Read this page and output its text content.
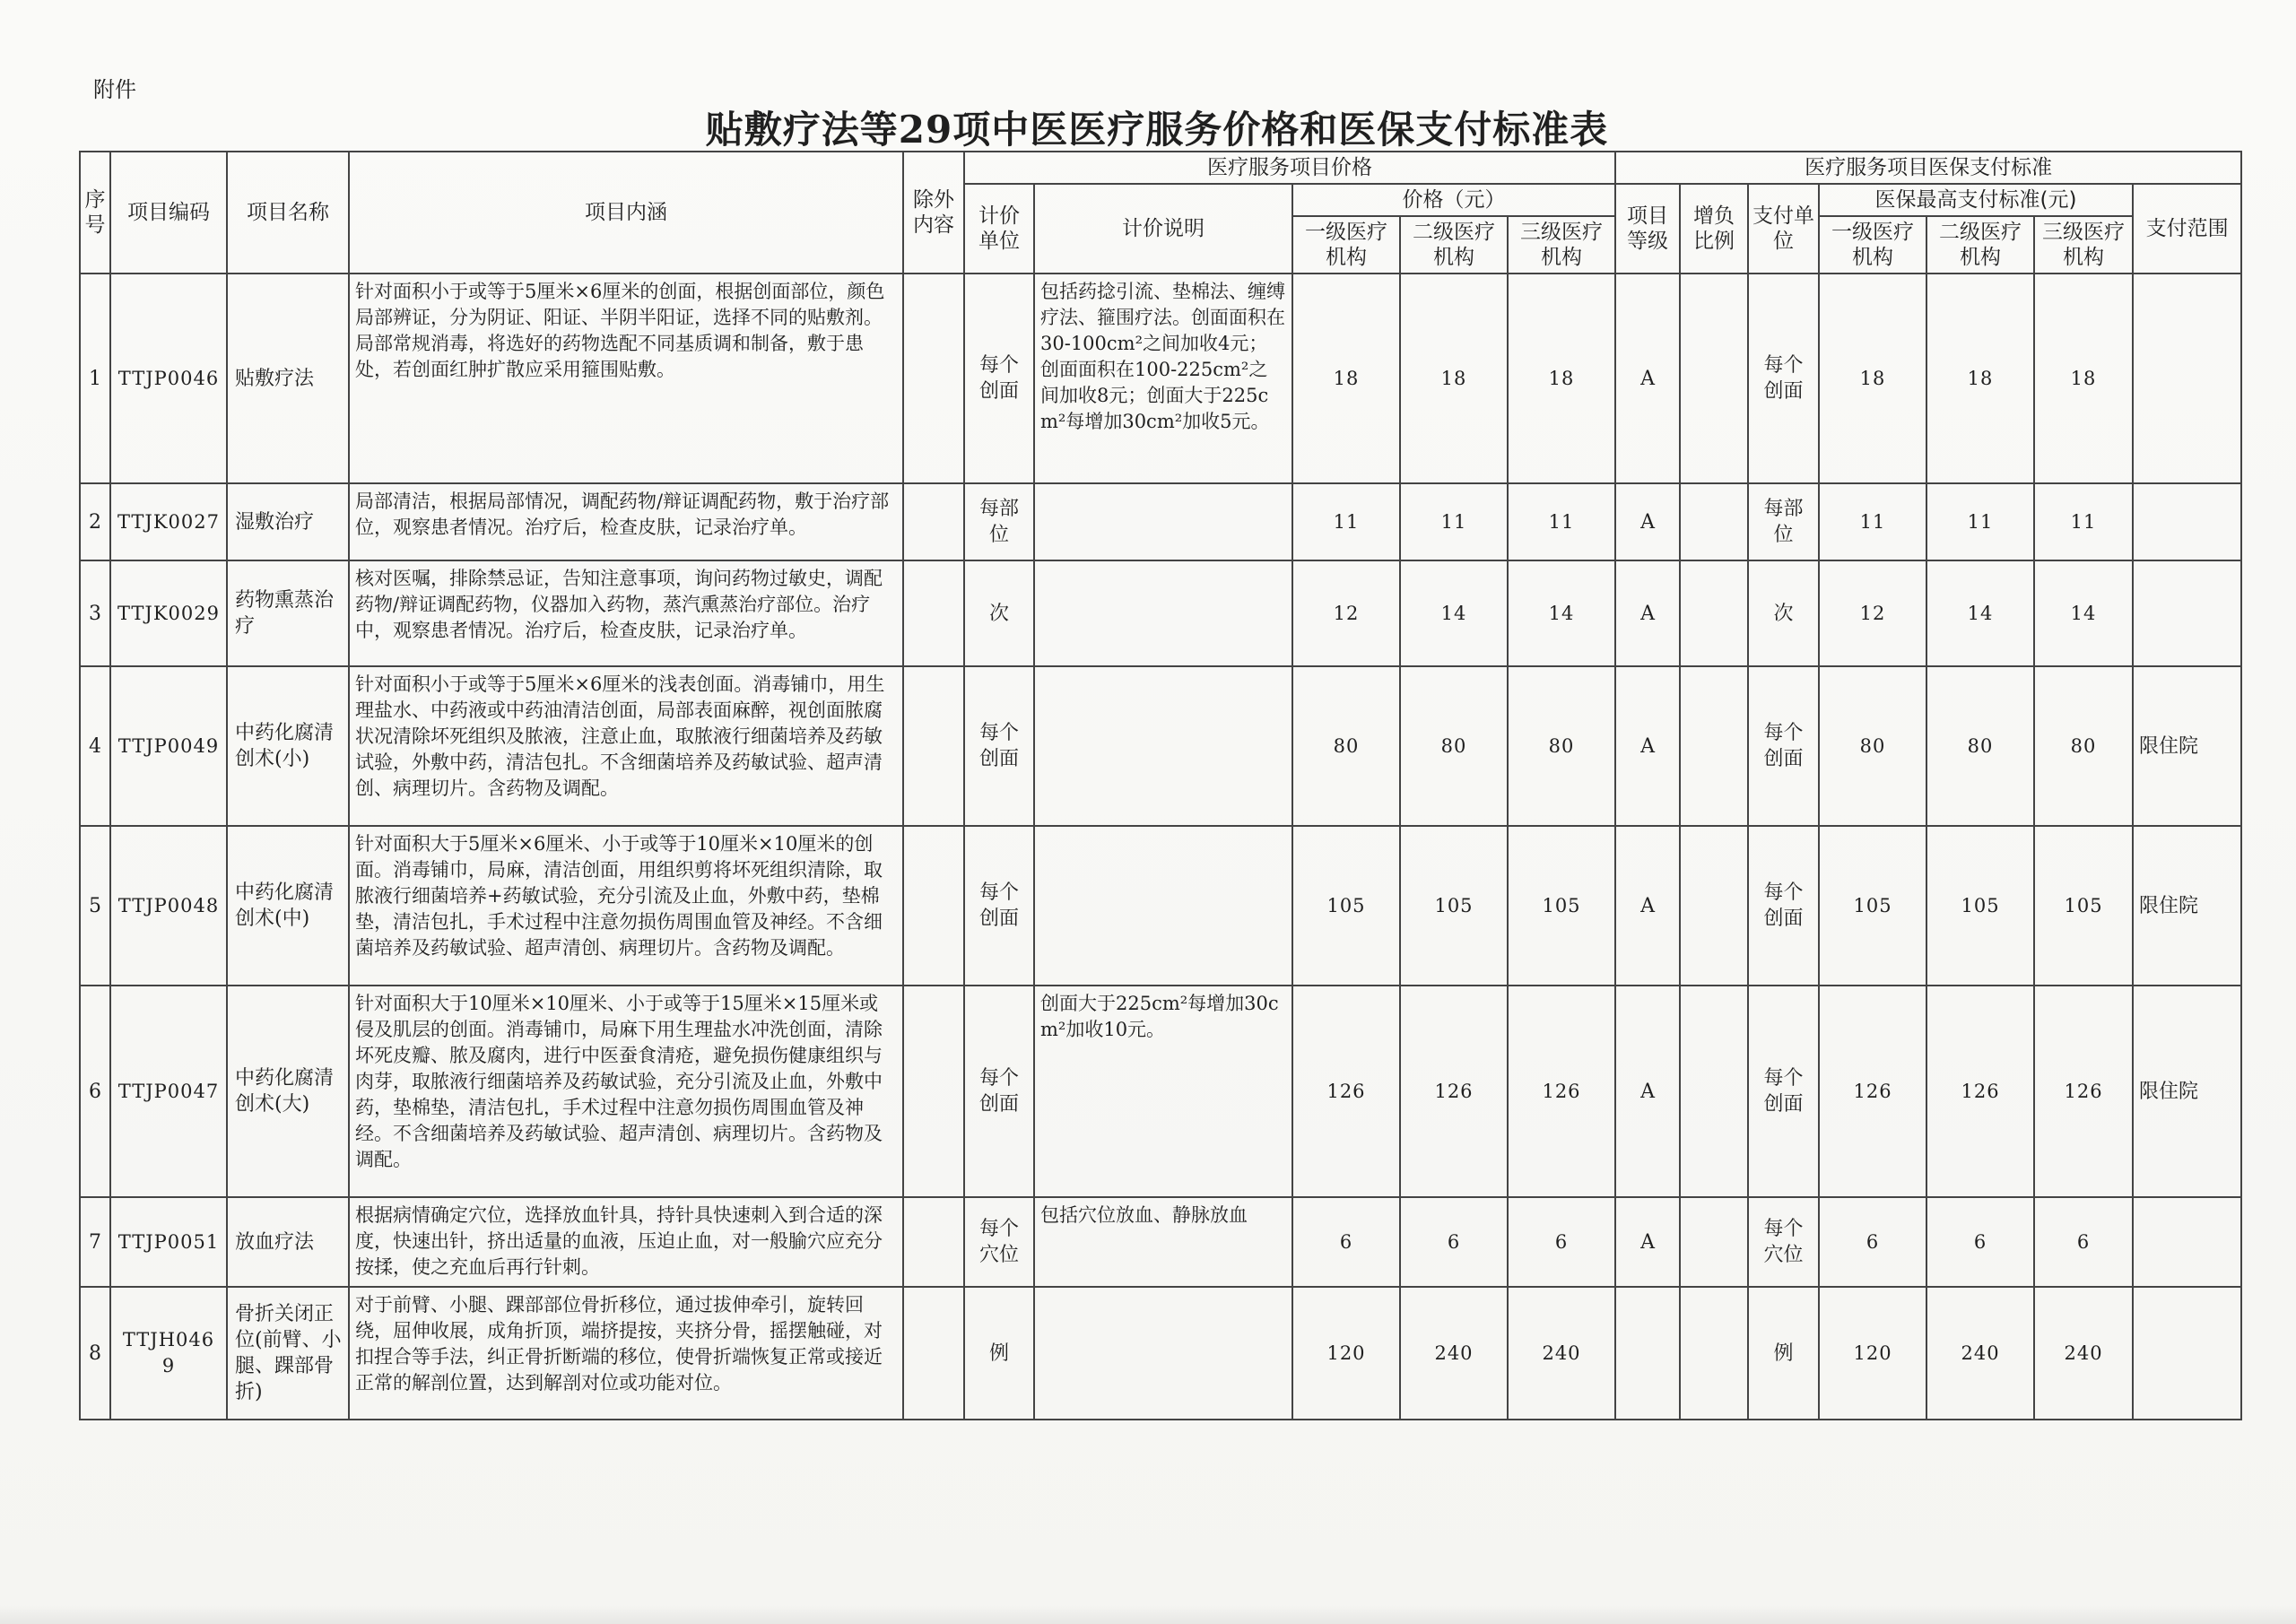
附件
贴敷疗法等29项中医医疗服务价格和医保支付标准表
序号	项目编码	项目名称	项目内涵	除外内容	医疗服务项目价格					医疗服务项目医保支付标准						
					计价单位	计价说明	价格（元）			项目等级	增负比例	支付单位	医保最高支付标准(元)			支付范围
							一级医疗机构	二级医疗机构	三级医疗机构				一级医疗机构	二级医疗机构	三级医疗机构	
1	TTJP0046	贴敷疗法	针对面积小于或等于5厘米×6厘米的创面，根据创面部位，颜色局部辨证，分为阴证、阳证、半阴半阳证，选择不同的贴敷剂。局部常规消毒，将选好的药物选配不同基质调和制备，敷于患处，若创面红肿扩散应采用箍围贴敷。		每个创面	包括药捻引流、垫棉法、缠缚疗法、箍围疗法。创面面积在30-100cm²之间加收4元；创面面积在100-225cm²之间加收8元；创面大于225cm²每增加30cm²加收5元。	18	18	18	A		每个创面	18	18	18	
2	TTJK0027	湿敷治疗	局部清洁，根据局部情况，调配药物/辩证调配药物，敷于治疗部位，观察患者情况。治疗后，检查皮肤，记录治疗单。		每部位		11	11	11	A		每部位	11	11	11	
3	TTJK0029	药物熏蒸治疗	核对医嘱，排除禁忌证，告知注意事项，询问药物过敏史，调配药物/辩证调配药物，仪器加入药物，蒸汽熏蒸治疗部位。治疗中，观察患者情况。治疗后，检查皮肤，记录治疗单。		次		12	14	14	A		次	12	14	14	
4	TTJP0049	中药化腐清创术(小)	针对面积小于或等于5厘米×6厘米的浅表创面。消毒铺巾，用生理盐水、中药液或中药油清洁创面，局部表面麻醉，视创面脓腐状况清除坏死组织及脓液，注意止血，取脓液行细菌培养及药敏试验，外敷中药，清洁包扎。不含细菌培养及药敏试验、超声清创、病理切片。含药物及调配。		每个创面		80	80	80	A		每个创面	80	80	80	限住院
5	TTJP0048	中药化腐清创术(中)	针对面积大于5厘米×6厘米、小于或等于10厘米×10厘米的创面。消毒铺巾，局麻，清洁创面，用组织剪将坏死组织清除，取脓液行细菌培养+药敏试验，充分引流及止血，外敷中药，垫棉垫，清洁包扎，手术过程中注意勿损伤周围血管及神经。不含细菌培养及药敏试验、超声清创、病理切片。含药物及调配。		每个创面		105	105	105	A		每个创面	105	105	105	限住院
6	TTJP0047	中药化腐清创术(大)	针对面积大于10厘米×10厘米、小于或等于15厘米×15厘米或侵及肌层的创面。消毒铺巾，局麻下用生理盐水冲洗创面，清除坏死皮瓣、脓及腐肉，进行中医蚕食清疮，避免损伤健康组织与肉芽，取脓液行细菌培养及药敏试验，充分引流及止血，外敷中药，垫棉垫，清洁包扎，手术过程中注意勿损伤周围血管及神经。不含细菌培养及药敏试验、超声清创、病理切片。含药物及调配。		每个创面	创面大于225cm²每增加30cm²加收10元。	126	126	126	A		每个创面	126	126	126	限住院
7	TTJP0051	放血疗法	根据病情确定穴位，选择放血针具，持针具快速刺入到合适的深度，快速出针，挤出适量的血液，压迫止血，对一般腧穴应充分按揉，使之充血后再行针刺。		每个穴位	包括穴位放血、静脉放血	6	6	6	A		每个穴位	6	6	6	
8	TTJH0469	骨折关闭正位(前臂、小腿、踝部骨折)	对于前臂、小腿、踝部部位骨折移位，通过拔伸牵引，旋转回绕，屈伸收展，成角折顶，端挤提按，夹挤分骨，摇摆触碰，对扣捏合等手法，纠正骨折断端的移位，使骨折端恢复正常或接近正常的解剖位置，达到解剖对位或功能对位。		例		120	240	240			例	120	240	240	
